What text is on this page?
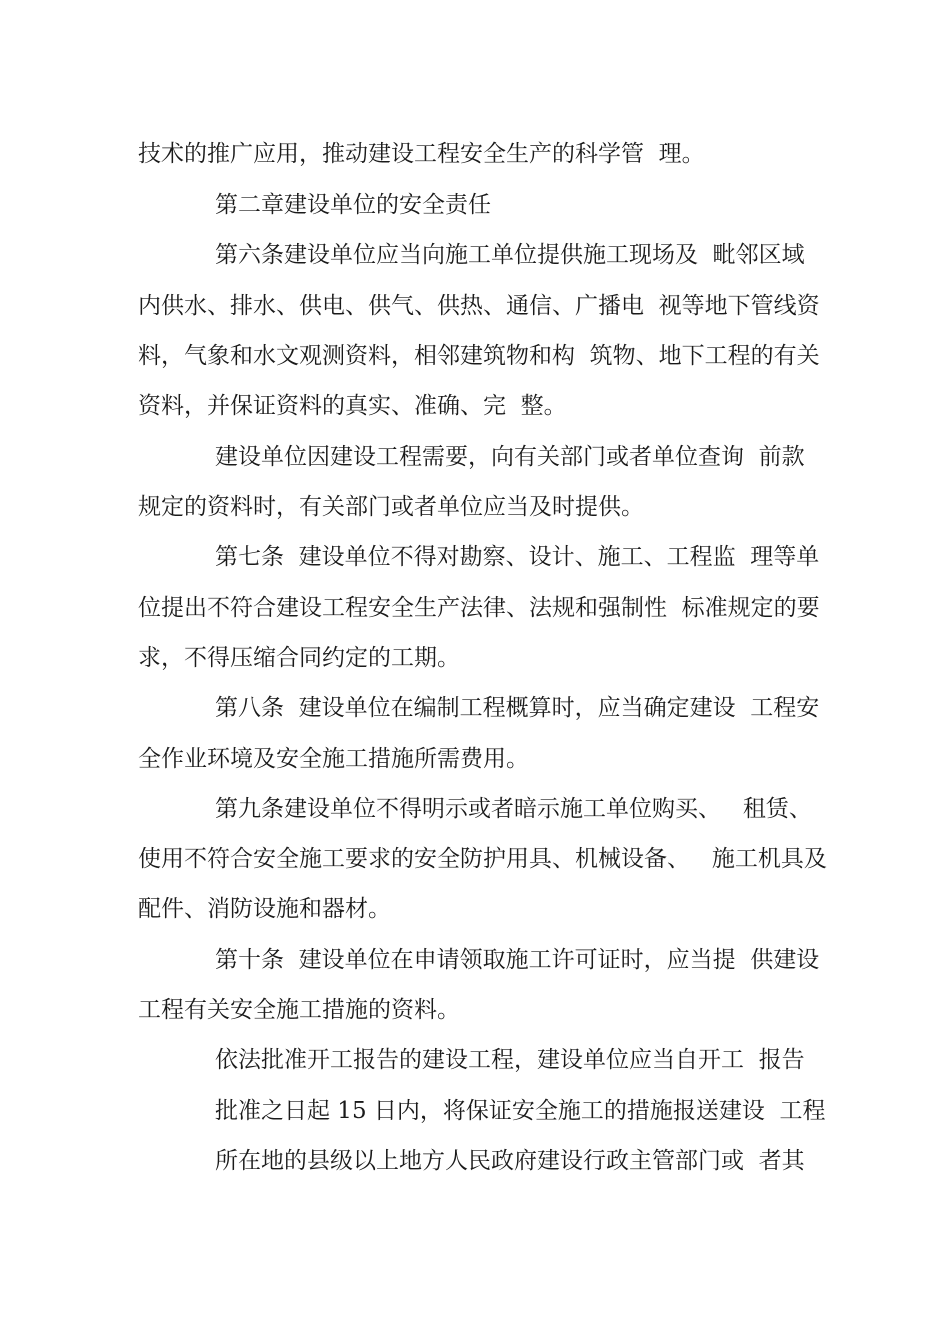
技术的推广应用，推动建设工程安全生产的科学管  理。

第二章建设单位的安全责任

第六条建设单位应当向施工单位提供施工现场及  毗邻区域

内供水、排水、供电、供气、供热、通信、广播电  视等地下管线资

料，气象和水文观测资料，相邻建筑物和构  筑物、地下工程的有关

资料，并保证资料的真实、准确、完  整。

建设单位因建设工程需要，向有关部门或者单位查询  前款

规定的资料时，有关部门或者单位应当及时提供。

第七条  建设单位不得对勘察、设计、施工、工程监  理等单

位提出不符合建设工程安全生产法律、法规和强制性  标准规定的要

求，不得压缩合同约定的工期。

第八条  建设单位在编制工程概算时，应当确定建设  工程安

全作业环境及安全施工措施所需费用。

第九条建设单位不得明示或者暗示施工单位购买、   租赁、

使用不符合安全施工要求的安全防护用具、机械设备、   施工机具及

配件、消防设施和器材。

第十条  建设单位在申请领取施工许可证时，应当提  供建设

工程有关安全施工措施的资料。

依法批准开工报告的建设工程，建设单位应当自开工  报告

批准之日起 15 日内，将保证安全施工的措施报送建设  工程

所在地的县级以上地方人民政府建设行政主管部门或  者其
